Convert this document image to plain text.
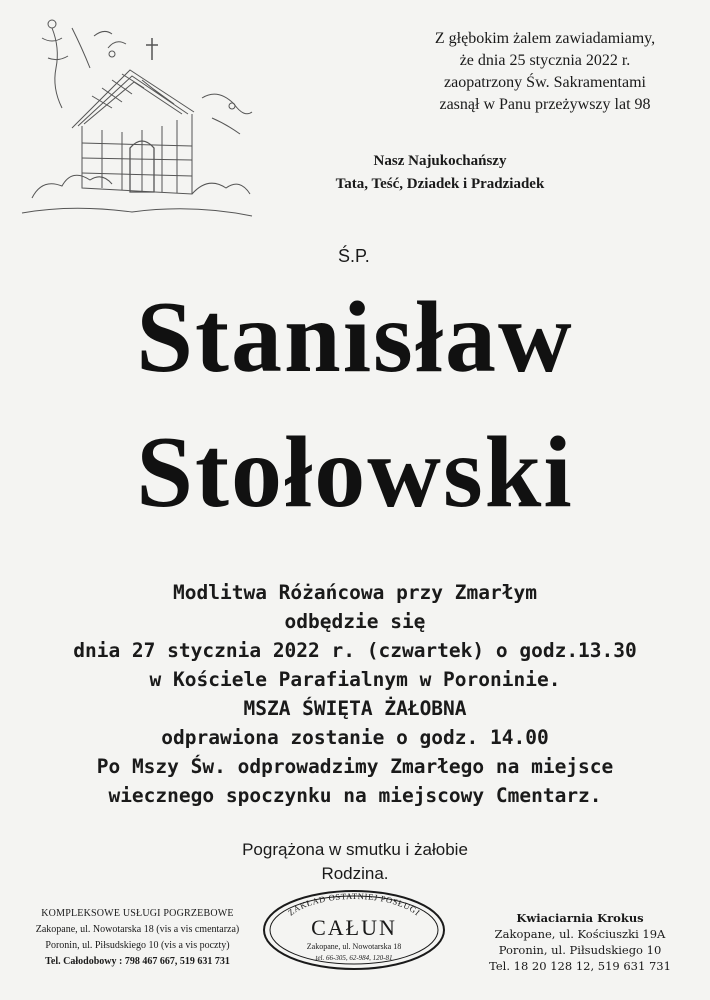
Z głębokim żalem zawiadamiamy,
że dnia 25 stycznia 2022 r.
zaopatrzony Św. Sakramentami
zasnął w Panu przeżywszy lat 98
Nasz Najukochańszy
Tata, Teść, Dziadek i Pradziadek
Ś.P.
Stanisław
Stołowski
Modlitwa Różańcowa przy Zmarłym
odbędzie się
dnia 27 stycznia 2022 r. (czwartek) o godz.13.30
w Kościele Parafialnym w Poroninie.
MSZA ŚWIĘTA ŻAŁOBNA
odprawiona zostanie o godz. 14.00
Po Mszy Św. odprowadzimy Zmarłego na miejsce
wiecznego spoczynku na miejscowy Cmentarz.
Pogrążona w smutku i żałobie
Rodzina.
KOMPLEKSOWE USŁUGI POGRZEBOWE
Zakopane, ul. Nowotarska 18 (vis a vis cmentarza)
Poronin, ul. Piłsudskiego 10 (vis a vis poczty)
Tel. Całodobowy : 798 467 667, 519 631 731
ZAKŁAD OSTATNIEJ POSŁUGI
CAŁUN
Zakopane, ul. Nowotarska 18
tel. 66-305, 62-984, 120-81
Kwiaciarnia Krokus
Zakopane, ul. Kościuszki 19A
Poronin, ul. Piłsudskiego 10
Tel. 18 20 128 12, 519 631 731
